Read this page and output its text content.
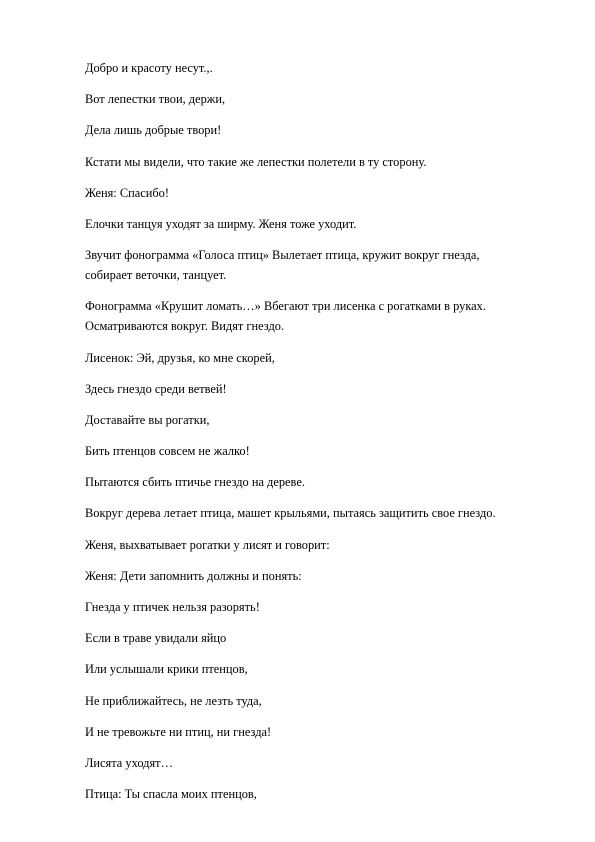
Добро и красоту несут.,.

Вот лепестки твои, держи,

Дела лишь добрые твори!

Кстати мы видели, что такие же лепестки полетели в ту сторону.

Женя: Спасибо!

Елочки танцуя уходят за ширму. Женя тоже уходит.

Звучит фонограмма «Голоса птиц» Вылетает птица, кружит вокруг гнезда,
собирает веточки, танцует.

Фонограмма «Крушит ломать…» Вбегают три лисенка с рогатками в руках.
Осматриваются вокруг. Видят гнездо.

Лисенок: Эй, друзья, ко мне скорей,

Здесь гнездо среди ветвей!

Доставайте вы рогатки,

Бить птенцов совсем не жалко!

Пытаются сбить птичье гнездо на дереве.

Вокруг дерева летает птица, машет крыльями, пытаясь защитить свое гнездо.

Женя, выхватывает рогатки у лисят и говорит:

Женя: Дети запомнить должны и понять:

Гнезда у птичек нельзя разорять!

Если в траве увидали яйцо

Или услышали крики птенцов,

Не приближайтесь, не лезть туда,

И не тревожьте ни птиц, ни гнезда!

Лисята уходят…

Птица: Ты спасла моих птенцов,
